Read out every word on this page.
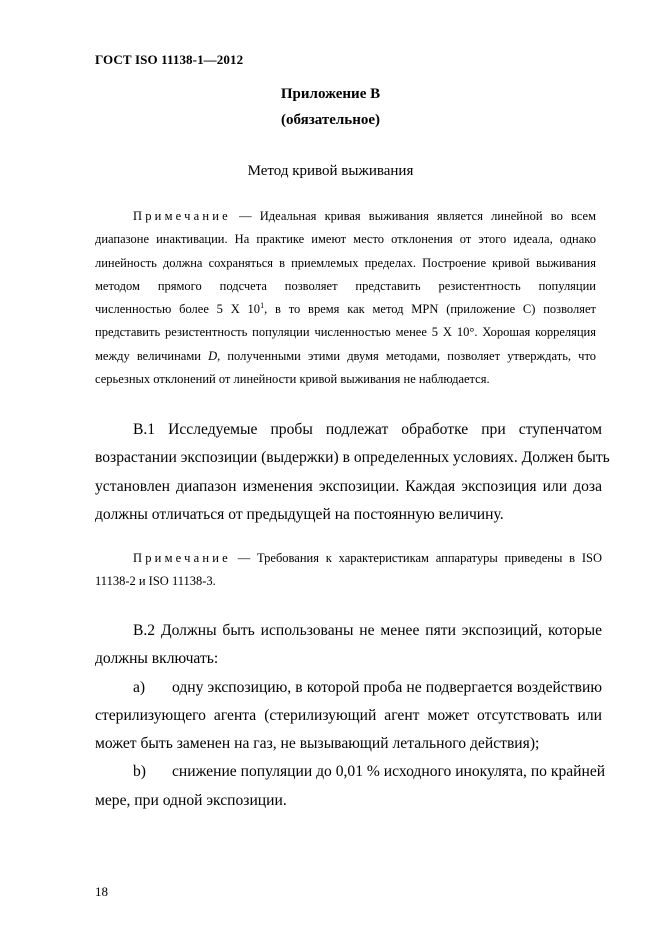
ГОСТ ISO 11138-1—2012
Приложение B
(обязательное)
Метод кривой выживания
Примечание — Идеальная кривая выживания является линейной во всем
диапазоне инактивации. На практике имеют место отклонения от этого идеала, однако
линейность должна сохраняться в приемлемых пределах. Построение кривой выживания
методом прямого подсчета позволяет представить резистентность популяции
численностью более 5 X $10^1$, в то время как метод MPN (приложение С) позволяет
представить резистентность популяции численностью менее 5 X 10°. Хорошая корреляция
между величинами D, полученными этими двумя методами, позволяет утверждать, что
серьезных отклонений от линейности кривой выживания не наблюдается.
В.1 Исследуемые пробы подлежат обработке при ступенчатом
возрастании экспозиции (выдержки) в определенных условиях. Должен быть
установлен диапазон изменения экспозиции. Каждая экспозиция или доза
должны отличаться от предыдущей на постоянную величину.
Примечание — Требования к характеристикам аппаратуры приведены в ISO
11138-2 и ISO 11138-3.
В.2 Должны быть использованы не менее пяти экспозиций, которые
должны включать:
a) одну экспозицию, в которой проба не подвергается воздействию
стерилизующего агента (стерилизующий агент может отсутствовать или
может быть заменен на газ, не вызывающий летального действия);
b) снижение популяции до 0,01 % исходного инокулята, по крайней
мере, при одной экспозиции.
18
